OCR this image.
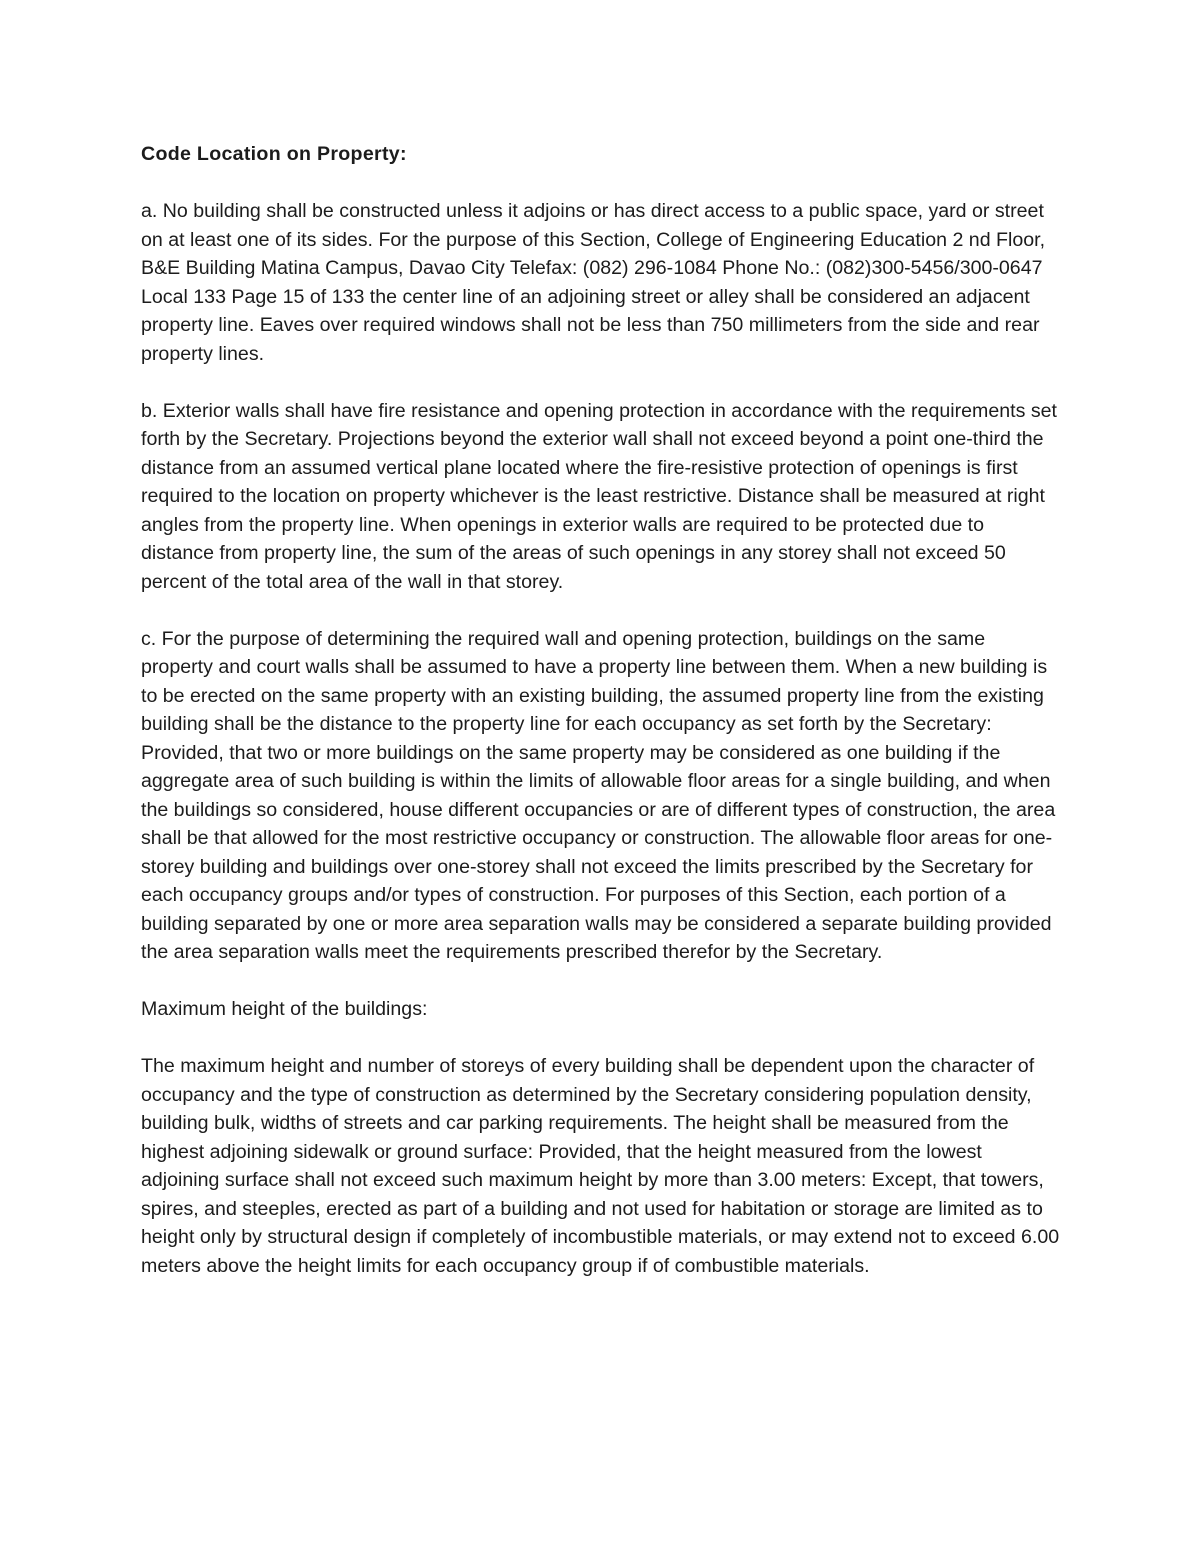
Code Location on Property:

a. No building shall be constructed unless it adjoins or has direct access to a public space, yard or street on at least one of its sides. For the purpose of this Section, College of Engineering Education 2 nd Floor, B&E Building Matina Campus, Davao City Telefax: (082) 296-1084 Phone No.: (082)300-5456/300-0647 Local 133 Page 15 of 133 the center line of an adjoining street or alley shall be considered an adjacent property line. Eaves over required windows shall not be less than 750 millimeters from the side and rear property lines.

b. Exterior walls shall have fire resistance and opening protection in accordance with the requirements set forth by the Secretary. Projections beyond the exterior wall shall not exceed beyond a point one-third the distance from an assumed vertical plane located where the fire-resistive protection of openings is first required to the location on property whichever is the least restrictive. Distance shall be measured at right angles from the property line. When openings in exterior walls are required to be protected due to distance from property line, the sum of the areas of such openings in any storey shall not exceed 50 percent of the total area of the wall in that storey.

c. For the purpose of determining the required wall and opening protection, buildings on the same property and court walls shall be assumed to have a property line between them. When a new building is to be erected on the same property with an existing building, the assumed property line from the existing building shall be the distance to the property line for each occupancy as set forth by the Secretary: Provided, that two or more buildings on the same property may be considered as one building if the aggregate area of such building is within the limits of allowable floor areas for a single building, and when the buildings so considered, house different occupancies or are of different types of construction, the area shall be that allowed for the most restrictive occupancy or construction. The allowable floor areas for one-storey building and buildings over one-storey shall not exceed the limits prescribed by the Secretary for each occupancy groups and/or types of construction. For purposes of this Section, each portion of a building separated by one or more area separation walls may be considered a separate building provided the area separation walls meet the requirements prescribed therefor by the Secretary.

Maximum height of the buildings:

The maximum height and number of storeys of every building shall be dependent upon the character of occupancy and the type of construction as determined by the Secretary considering population density, building bulk, widths of streets and car parking requirements. The height shall be measured from the highest adjoining sidewalk or ground surface: Provided, that the height measured from the lowest adjoining surface shall not exceed such maximum height by more than 3.00 meters: Except, that towers, spires, and steeples, erected as part of a building and not used for habitation or storage are limited as to height only by structural design if completely of incombustible materials, or may extend not to exceed 6.00 meters above the height limits for each occupancy group if of combustible materials.
